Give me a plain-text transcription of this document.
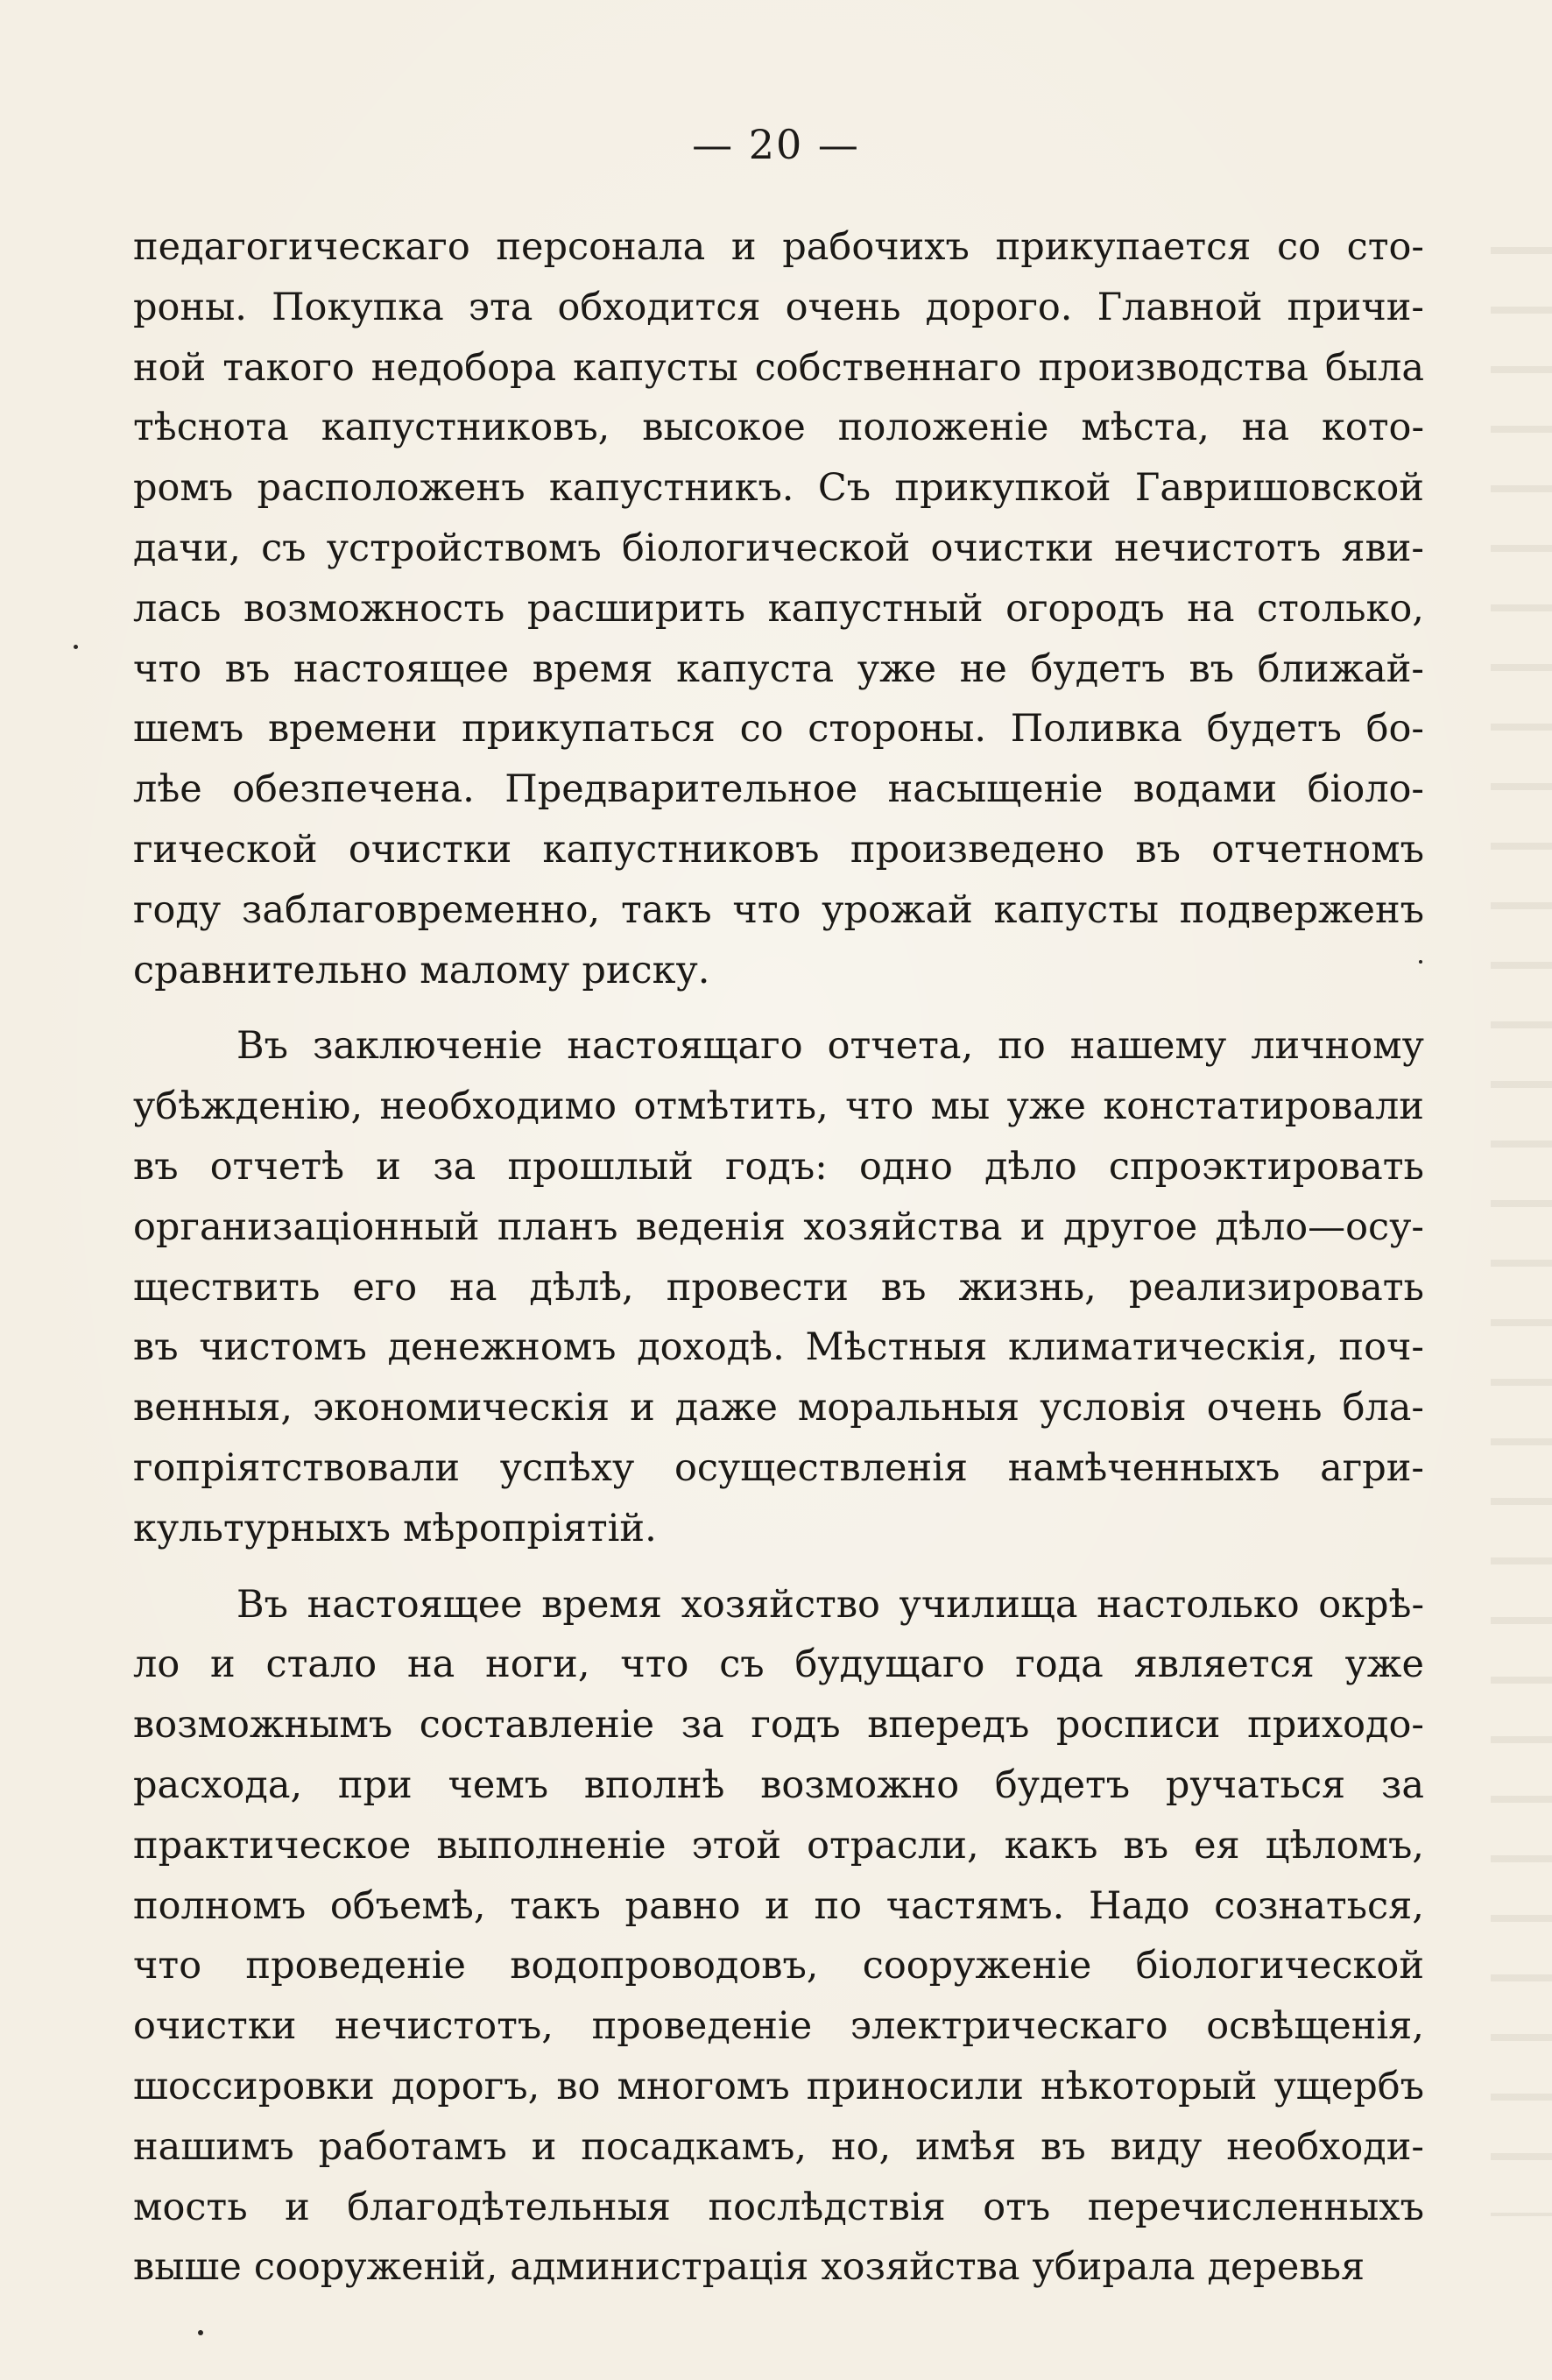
— 20 —
педагогическаго персонала и рабочихъ прикупается со сто-
роны. Покупка эта обходится очень дорого. Главной причи-
ной такого недобора капусты собственнаго производства была
тѣснота капустниковъ, высокое положенiе мѣста, на кото-
ромъ расположенъ капустникъ. Съ прикупкой Гавришовской
дачи, съ устройствомъ бiологической очистки нечистотъ яви-
лась возможность расширить капустный огородъ на столько,
что въ настоящее время капуста уже не будетъ въ ближай-
шемъ времени прикупаться со стороны. Поливка будетъ бо-
лѣе обезпечена. Предварительное насыщенiе водами бiоло-
гической очистки капустниковъ произведено въ отчетномъ
году заблаговременно, такъ что урожай капусты подверженъ
сравнительно малому риску.
Въ заключенiе настоящаго отчета, по нашему личному
убѣжденiю, необходимо отмѣтить, что мы уже констатировали
въ отчетѣ и за прошлый годъ: одно дѣло спроэктировать
организацiонный планъ веденiя хозяйства и другое дѣло—осу-
ществить его на дѣлѣ, провести въ жизнь, реализировать
въ чистомъ денежномъ доходѣ. Мѣстныя климатическiя, поч-
венныя, экономическiя и даже моральныя условiя очень бла-
гопрiятствовали успѣху осуществленiя намѣченныхъ агри-
культурныхъ мѣропрiятiй.
Въ настоящее время хозяйство училища настолько окрѣ-
ло и стало на ноги, что съ будущаго года является уже
возможнымъ составленiе за годъ впередъ росписи приходо-
расхода, при чемъ вполнѣ возможно будетъ ручаться за
практическое выполненiе этой отрасли, какъ въ ея цѣломъ,
полномъ объемѣ, такъ равно и по частямъ. Надо сознаться,
что проведенiе водопроводовъ, сооруженiе бiологической
очистки нечистотъ, проведенiе электрическаго освѣщенiя,
шоссировки дорогъ, во многомъ приносили нѣкоторый ущербъ
нашимъ работамъ и посадкамъ, но, имѣя въ виду необходи-
мость и благодѣтельныя послѣдствiя отъ перечисленныхъ
выше сооруженiй, администрацiя хозяйства убирала деревья
